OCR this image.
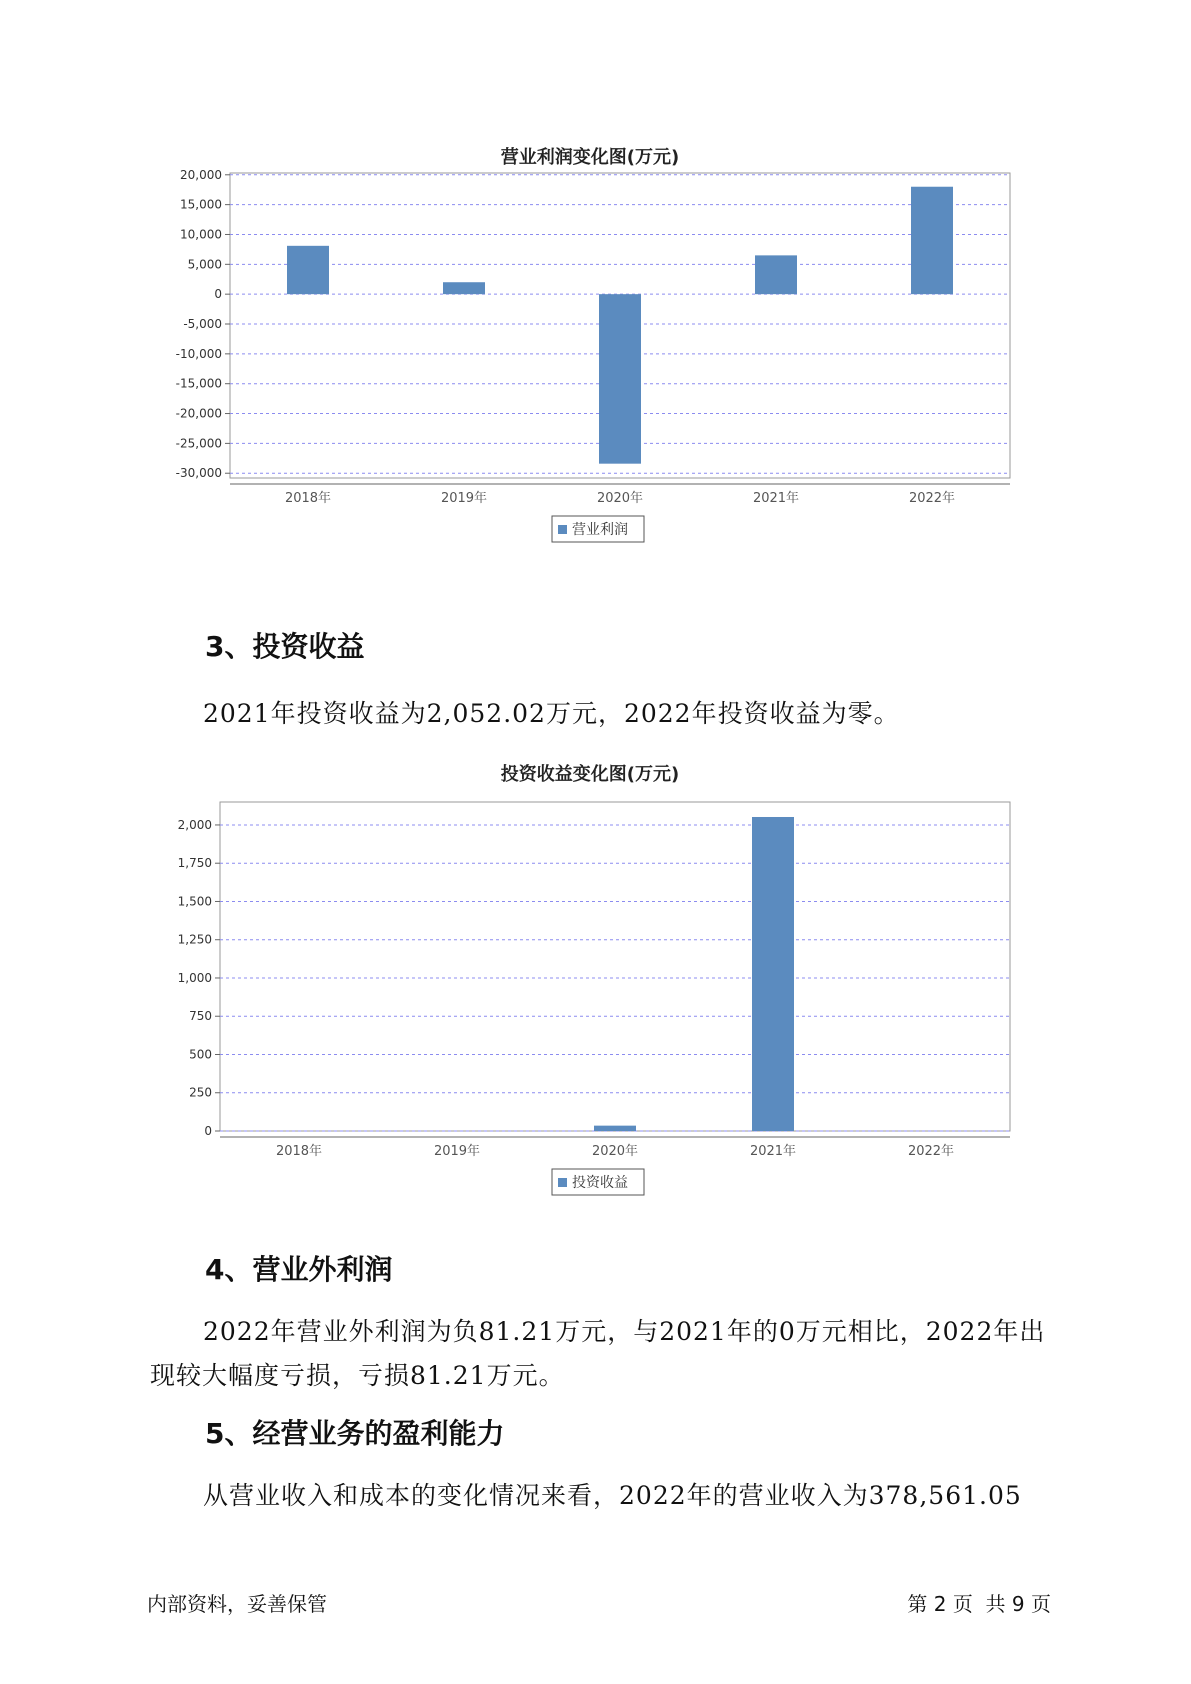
营业利润变化图(万元)
20,000
15,000
10,000
5,000
0
-5,000
-10,000
-15,000
-20,000
-25,000
-30,000
2018年	2019年	2020年	2021年	2022年
营业利润
3、投资收益
2021年投资收益为2,052.02万元，2022年投资收益为零。
投资收益变化图(万元)
0
250
500
750
1,000
1,250
1,500
1,750
2,000
2018年	2019年	2020年	2021年	2022年
投资收益
4、营业外利润
2022年营业外利润为负81.21万元，与2021年的0万元相比，2022年出
现较大幅度亏损，亏损81.21万元。
5、经营业务的盈利能力
从营业收入和成本的变化情况来看，2022年的营业收入为378,561.05
内部资料，妥善保管	第 2 页  共 9 页
